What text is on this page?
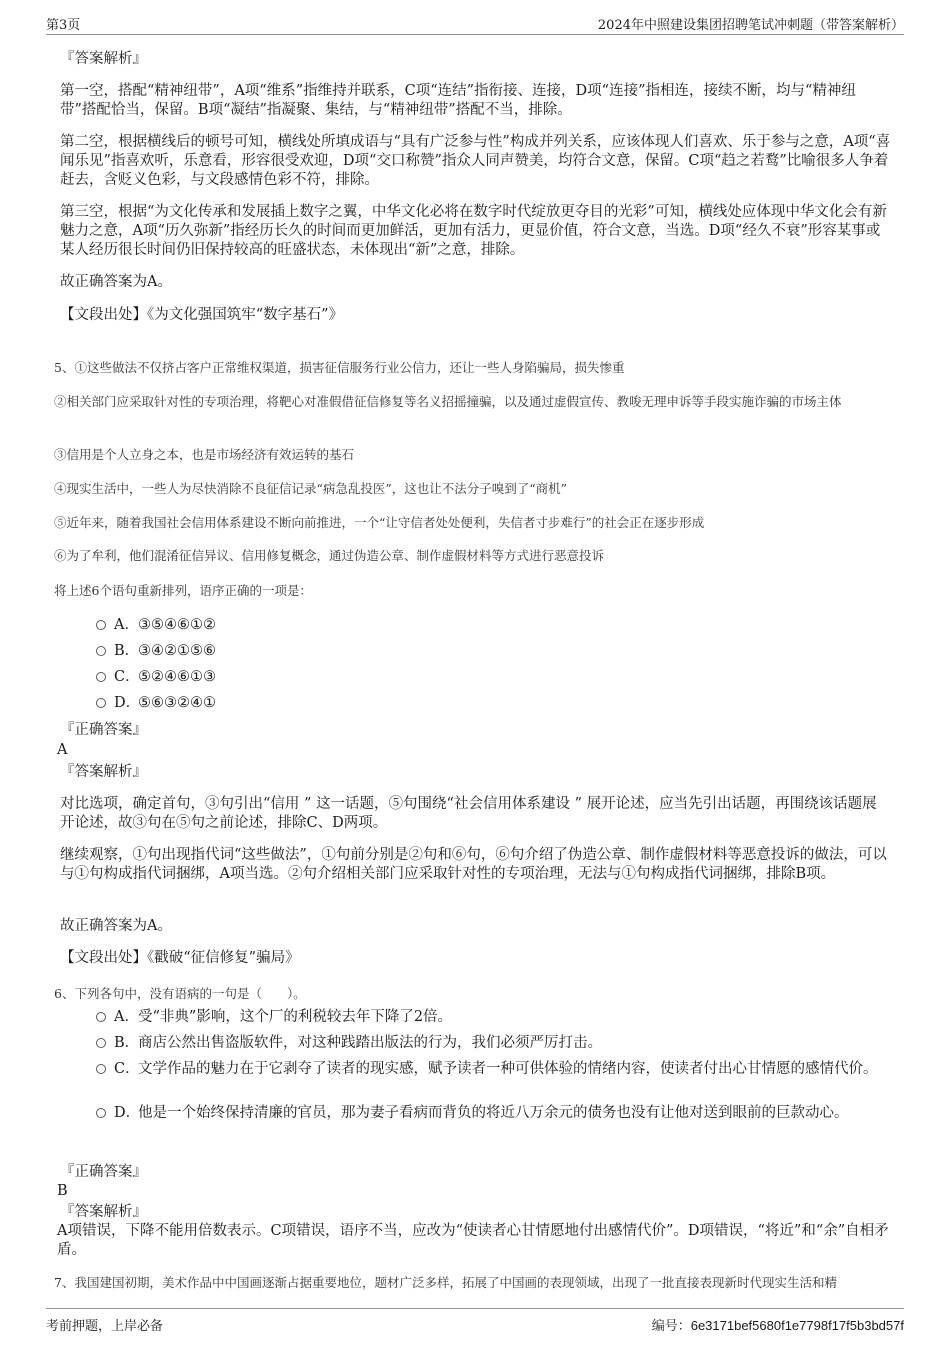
第3页	2024年中照建设集团招聘笔试冲刺题（带答案解析）
『答案解析』
第一空，搭配“精神纽带”，A项“维系”指维持并联系，C项“连结”指衔接、连接，D项“连接”指相连，接续不断，均与“精神纽带”搭配恰当，保留。B项“凝结”指凝聚、集结，与“精神纽带”搭配不当，排除。
第二空，根据横线后的顿号可知，横线处所填成语与“具有广泛参与性”构成并列关系，应该体现人们喜欢、乐于参与之意，A项“喜闻乐见”指喜欢听，乐意看，形容很受欢迎，D项“交口称赞”指众人同声赞美，均符合文意，保留。C项“趋之若鹜”比喻很多人争着赶去，含贬义色彩，与文段感情色彩不符，排除。
第三空，根据“为文化传承和发展插上数字之翼，中华文化必将在数字时代绽放更夺目的光彩”可知，横线处应体现中华文化会有新魅力之意，A项“历久弥新”指经历长久的时间而更加鲜活，更加有活力，更显价值，符合文意，当选。D项“经久不衰”形容某事或某人经历很长时间仍旧保持较高的旺盛状态，未体现出“新”之意，排除。
故正确答案为A。
【文段出处】《为文化强国筑牢“数字基石”》
5、①这些做法不仅挤占客户正常维权渠道，损害征信服务行业公信力，还让一些人身陷骗局，损失惨重
②相关部门应采取针对性的专项治理，将靶心对准假借征信修复等名义招摇撞骗，以及通过虚假宣传、教唆无理申诉等手段实施诈骗的市场主体
③信用是个人立身之本，也是市场经济有效运转的基石
④现实生活中，一些人为尽快消除不良征信记录“病急乱投医”，这也让不法分子嗅到了“商机”
⑤近年来，随着我国社会信用体系建设不断向前推进，一个“让守信者处处便利，失信者寸步难行”的社会正在逐步形成
⑥为了牟利，他们混淆征信异议、信用修复概念，通过伪造公章、制作虚假材料等方式进行恶意投诉
将上述6个语句重新排列，语序正确的一项是：
A．③⑤④⑥①②
B．③④②①⑤⑥
C．⑤②④⑥①③
D．⑤⑥③②④①
『正确答案』
A
『答案解析』
对比选项，确定首句，③句引出“信用 ” 这一话题，⑤句围绕“社会信用体系建设 ” 展开论述，应当先引出话题，再围绕该话题展开论述，故③句在⑤句之前论述，排除C、D两项。
继续观察，①句出现指代词“这些做法”，①句前分别是②句和⑥句，⑥句介绍了伪造公章、制作虚假材料等恶意投诉的做法，可以与①句构成指代词捆绑，A项当选。②句介绍相关部门应采取针对性的专项治理，无法与①句构成指代词捆绑，排除B项。
故正确答案为A。
【文段出处】《戳破“征信修复”骗局》
6、下列各句中，没有语病的一句是（　　）。
A．受“非典”影响，这个厂的利税较去年下降了2倍。
B．商店公然出售盗版软件，对这种践踏出版法的行为，我们必须严厉打击。
C．文学作品的魅力在于它剥夺了读者的现实感，赋予读者一种可供体验的情绪内容，使读者付出心甘情愿的感情代价。
D．他是一个始终保持清廉的官员，那为妻子看病而背负的将近八万余元的债务也没有让他对送到眼前的巨款动心。
『正确答案』
B
『答案解析』
A项错误，下降不能用倍数表示。C项错误，语序不当，应改为“使读者心甘情愿地付出感情代价”。D项错误，“将近”和“余”自相矛盾。
7、我国建国初期，美术作品中中国画逐渐占据重要地位，题材广泛多样，拓展了中国画的表现领域，出现了一批直接表现新时代现实生活和精
考前押题，上岸必备	编号：6e3171bef5680f1e7798f17f5b3bd57f
